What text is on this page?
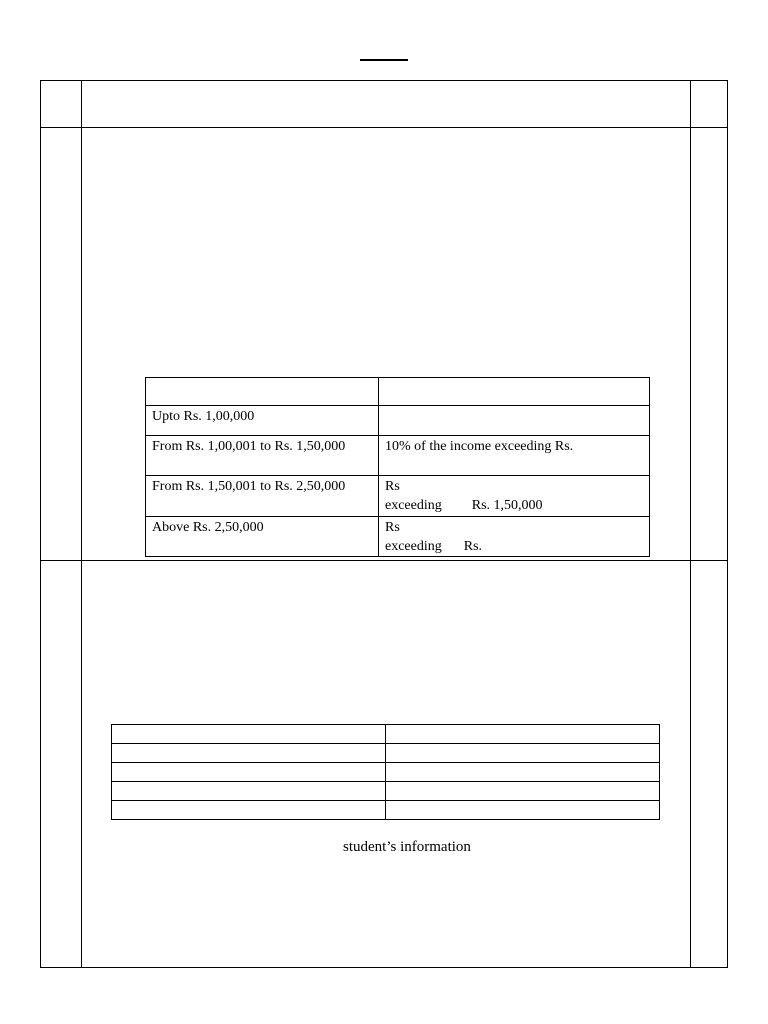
Upto Rs. 1,00,000	
From Rs. 1,00,001 to Rs. 1,50,000	10% of the income exceeding Rs.
From Rs. 1,50,001 to Rs. 2,50,000	Rs
exceeding Rs. 1,50,000

Above Rs. 2,50,000	Rs
exceeding Rs.

student’s information
